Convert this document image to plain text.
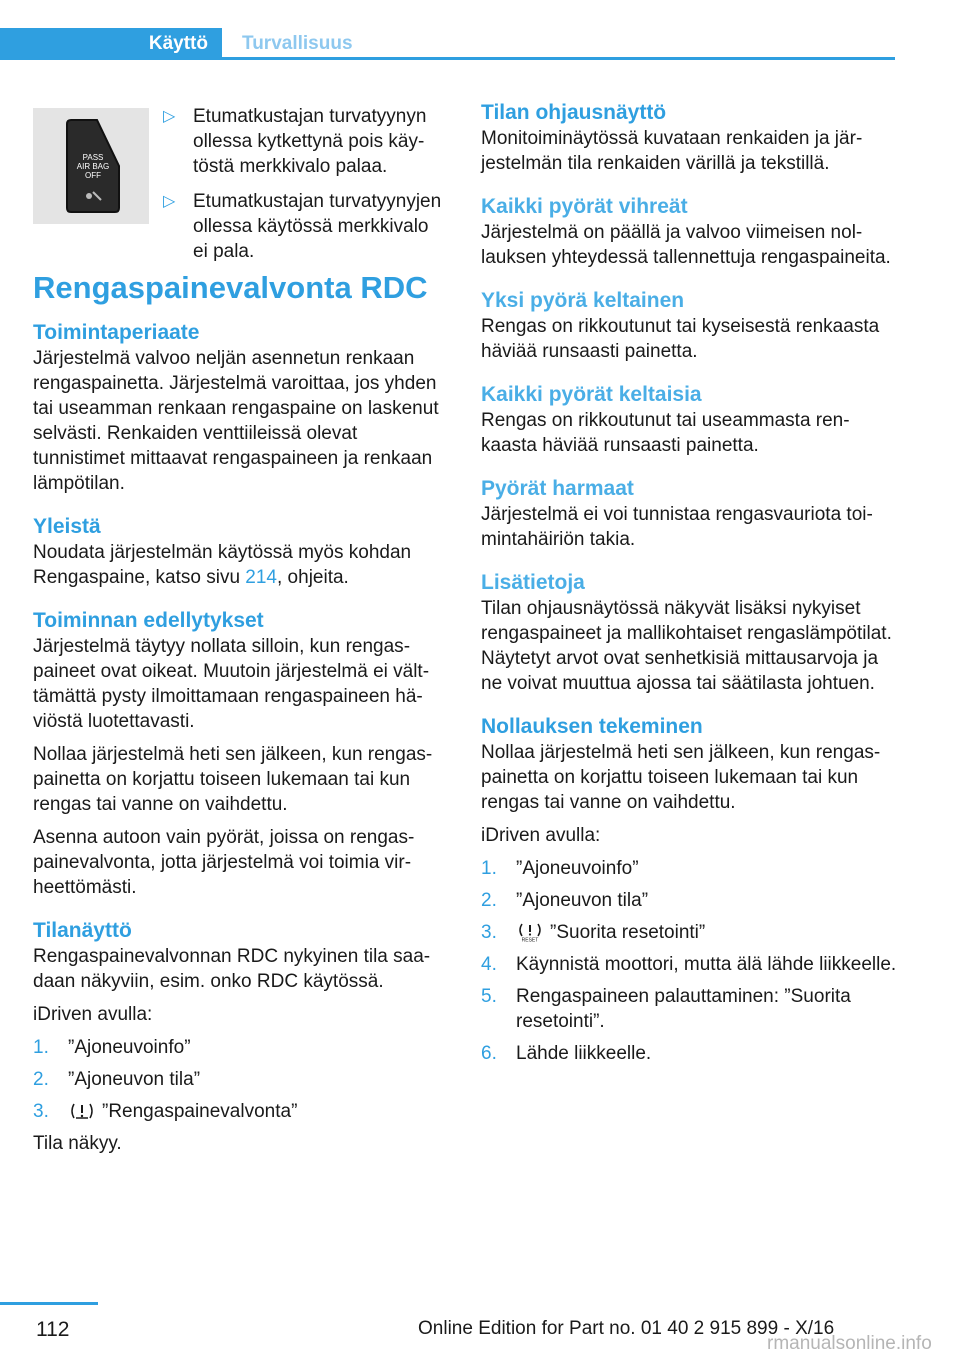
Käyttö	Turvallisuus
PASS
AIR BAG
OFF
▷ Etumatkustajan turvatyynyn ollessa kytkettynä pois käytöstä merkkivalo palaa.
▷ Etumatkustajan turvatyynyjen ollessa käytössä merkkivalo ei pala.
Rengaspainevalvonta RDC
Toimintaperiaate

Järjestelmä valvoo neljän asennetun renkaan rengaspainetta. Järjestelmä varoittaa, jos yhden tai useamman renkaan rengaspaine on laskenut selvästi. Renkaiden venttiileissä olevat tunnistimet mittaavat rengaspaineen ja renkaan lämpötilan.

Yleistä

Noudata järjestelmän käytössä myös kohdan Rengaspaine, katso sivu 214, ohjeita.

Toiminnan edellytykset

Järjestelmä täytyy nollata silloin, kun rengaspaineet ovat oikeat. Muutoin järjestelmä ei välttämättä pysty ilmoittamaan rengaspaineen häviöstä luotettavasti.

Nollaa järjestelmä heti sen jälkeen, kun rengaspainetta on korjattu toiseen lukemaan tai kun rengas tai vanne on vaihdettu.

Asenna autoon vain pyörät, joissa on rengaspainevalvonta, jotta järjestelmä voi toimia virheettömästi.

Tilanäyttö

Rengaspainevalvonnan RDC nykyinen tila saadaan näkyviin, esim. onko RDC käytössä.

iDriven avulla:

1. ”Ajoneuvoinfo”
2. ”Ajoneuvon tila”
3.	”Rengaspainevalvonta”

Tila näkyy.

Tilan ohjausnäyttö

Monitoiminäytössä kuvataan renkaiden ja järjestelmän tila renkaiden värillä ja tekstillä.

Kaikki pyörät vihreät

Järjestelmä on päällä ja valvoo viimeisen nollauksen yhteydessä tallennettuja rengaspaineita.

Yksi pyörä keltainen

Rengas on rikkoutunut tai kyseisestä renkaasta häviää runsaasti painetta.

Kaikki pyörät keltaisia

Rengas on rikkoutunut tai useammasta renkaasta häviää runsaasti painetta.

Pyörät harmaat

Järjestelmä ei voi tunnistaa rengasvauriota toimintahäiriön takia.

Lisätietoja

Tilan ohjausnäytössä näkyvät lisäksi nykyiset rengaspaineet ja mallikohtaiset rengaslämpötilat. Näytetyt arvot ovat senhetkisiä mittausarvoja ja ne voivat muuttua ajossa tai säätilasta johtuen.

Nollauksen tekeminen

Nollaa järjestelmä heti sen jälkeen, kun rengaspainetta on korjattu toiseen lukemaan tai kun rengas tai vanne on vaihdettu.

iDriven avulla:

1. ”Ajoneuvoinfo”
2. ”Ajoneuvon tila”
3.	RESET ”Suorita resetointi”
4. Käynnistä moottori, mutta älä lähde liikkeelle.
5. Rengaspaineen palauttaminen: ”Suorita resetointi”.
6. Lähde liikkeelle.
112	Online Edition for Part no. 01 40 2 915 899 - X/16
rmanualsonline.info
